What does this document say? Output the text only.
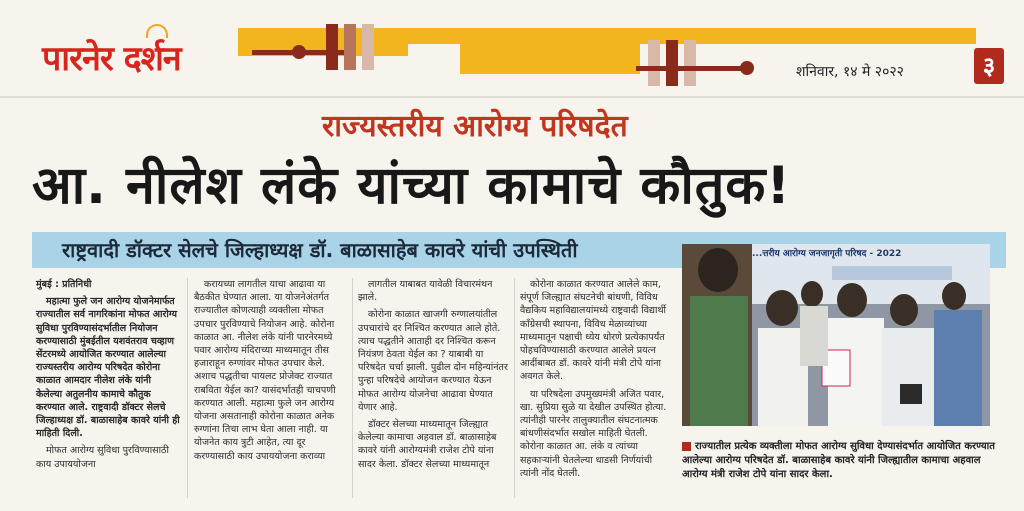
पारनेर दर्शन	शनिवार, १४ मे २०२२	३
राज्यस्तरीय आरोग्य परिषदेत
आ. नीलेश लंके यांच्या कामाचे कौतुक!
राष्ट्रवादी डॉक्टर सेलचे जिल्हाध्यक्ष डॉ. बाळासाहेब कावरे यांची उपस्थिती

मुंबई : प्रतिनिधी

महात्मा फुले जन आरोग्य योजनेमार्फत राज्यातील सर्व नागरिकांना मोफत आरोग्य सुविधा पुरविण्यासंदर्भातील नियोजन करण्यासाठी मुंबईतील यशवंतराव चव्हाण सेंटरमध्ये आयोजित करण्यात आलेल्या राज्यस्तरीय आरोग्य परिषदेत कोरोना काळात आमदार नीलेश लंके यांनी केलेल्या अतुलनीय कामाचे कौतुक करण्यात आले. राष्ट्रवादी डॉक्टर सेलचे जिल्हाध्यक्ष डॉ. बाळासाहेब कावरे यांनी ही माहिती दिली.

मोफत आरोग्य सुविधा पुरविण्यासाठी काय उपाययोजना

करायच्या लागतील याचा आढावा या बैठकीत घेण्यात आला. या योजनेअंतर्गत राज्यातील कोणत्याही व्यक्तीला मोफत उपचार पुरविण्याचे नियोजन आहे. कोरोना काळात आ. नीलेश लंके यांनी पारनेरमध्ये पवार आरोग्य मंदिराच्या माध्यमातून तीस हजाराहून रुग्णांवर मोफत उपचार केले. अशाच पद्धतीचा पायलट प्रोजेक्ट राज्यात राबविता येईल का? यासंदर्भातही चाचपणी करण्यात आली. महात्मा फुले जन आरोग्य योजना असतानाही कोरोना काळात अनेक रुग्णांना तिचा लाभ घेता आला नाही. या योजनेत काय त्रुटी आहेत, त्या दूर करण्यासाठी काय उपाययोजना कराव्या

लागतील याबाबत यावेळी विचारमंथन झाले.

कोरोना काळात खाजगी रुग्णालयांतील उपचारांचे दर निश्चित करण्यात आले होते. त्याच पद्धतीने आताही दर निश्चित करून नियंत्रण ठेवता येईल का ? याबाबी या परिषदेत चर्चा झाली. पुढील दोन महिन्यांनंतर पुन्हा परिषदेचे आयोजन करण्यात येऊन मोफत आरोग्य योजनेचा आढावा घेण्यात येणार आहे.

डॉक्टर सेलच्या माध्यमातून जिल्ह्यात केलेल्या कामाचा अहवाल डॉ. बाळासाहेब कावरे यांनी आरोग्यमंत्री राजेश टोपे यांना सादर केला. डॉक्टर सेलच्या माध्यमातून

कोरोना काळात करण्यात आलेले काम, संपूर्ण जिल्ह्यात संघटनेची बांधणी, विविध वैद्यकिय महाविद्यालयांमध्ये राष्ट्रवादी विद्यार्थी काँग्रेसची स्थापना, विविध मेळाव्यांच्या माध्यमातून पक्षाची ध्येय धोरणे प्रत्येकापर्यंत पोहचविण्यासाठी करण्यात आलेले प्रयत्न आदींबाबत डॉ. कावरे यांनी मंत्री टोपे यांना अवगत केले.

या परिषदेला उपमुख्यमंत्री अजित पवार, खा. सुप्रिया सुळे या देखील उपस्थित होत्या. त्यांनीही पारनेर तालुक्यातील संघटनात्मक बांधणीसंदर्भात सखोल माहिती घेतली. कोरोना काळात आ. लंके व त्यांच्या सहकाऱ्यांनी घेतलेल्या धाडसी निर्णयांची त्यांनी नोंद घेतली.

...त्तरीय आरोग्य जनजागृती परिषद - 2022
राज्यातील प्रत्येक व्यक्तीला मोफत आरोग्य सुविधा देण्यासंदर्भात आयोजित करण्यात आलेल्या आरोग्य परिषदेत डॉ. बाळासाहेब कावरे यांनी जिल्ह्यातील कामाचा अहवाल आरोग्य मंत्री राजेश टोपे यांना सादर केला.
